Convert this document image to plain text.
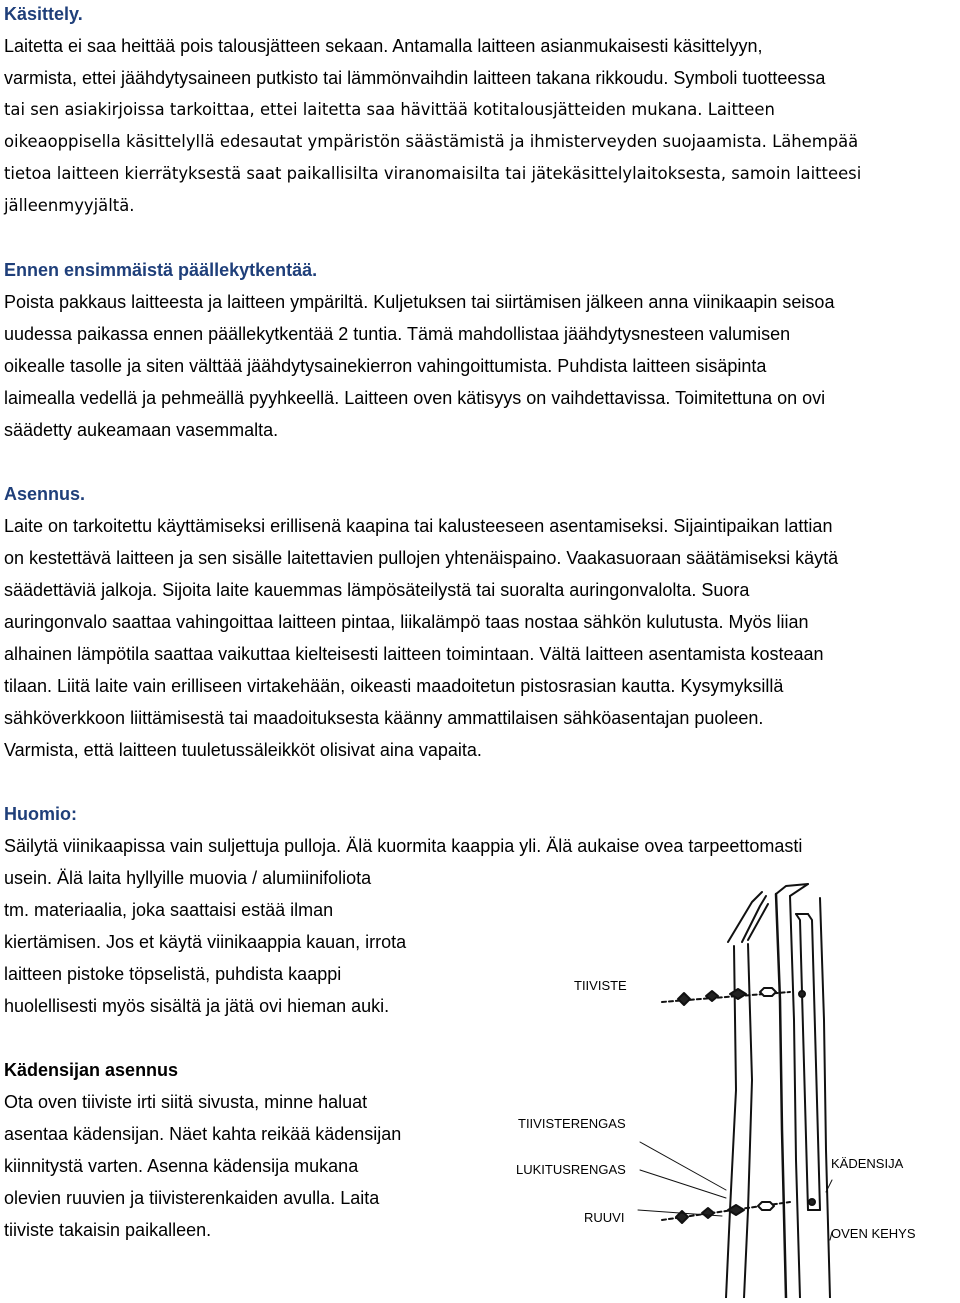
Käsittely.
Laitetta ei saa heittää pois talousjätteen sekaan. Antamalla laitteen asianmukaisesti käsittelyyn,
varmista, ettei jäähdytysaineen putkisto tai lämmönvaihdin laitteen takana rikkoudu. Symboli tuotteessa
tai sen asiakirjoissa tarkoittaa, ettei laitetta saa hävittää kotitalousjätteiden mukana. Laitteen
oikeaoppisella käsittelyllä edesautat ympäristön säästämistä ja ihmisterveyden suojaamista. Lähempää
tietoa laitteen kierrätyksestä saat paikallisilta viranomaisilta tai jätekäsittelylaitoksesta, samoin laitteesi
jälleenmyyjältä.
Ennen ensimmäistä päällekytkentää.
Poista pakkaus laitteesta ja laitteen ympäriltä. Kuljetuksen tai siirtämisen jälkeen anna viinikaapin seisoa
uudessa paikassa ennen päällekytkentää 2 tuntia. Tämä mahdollistaa jäähdytysnesteen valumisen
oikealle tasolle ja siten välttää jäähdytysainekierron vahingoittumista. Puhdista laitteen sisäpinta
laimealla vedellä ja pehmeällä pyyhkeellä. Laitteen oven kätisyys on vaihdettavissa. Toimitettuna on ovi
säädetty aukeamaan vasemmalta.
Asennus.
Laite on tarkoitettu käyttämiseksi erillisenä kaapina tai kalusteeseen asentamiseksi. Sijaintipaikan lattian
on kestettävä laitteen ja sen sisälle laitettavien pullojen yhtenäispaino. Vaakasuoraan säätämiseksi käytä
säädettäviä jalkoja. Sijoita laite kauemmas lämpösäteilystä tai suoralta auringonvalolta. Suora
auringonvalo saattaa vahingoittaa laitteen pintaa, liikalämpö taas nostaa sähkön kulutusta. Myös liian
alhainen lämpötila saattaa vaikuttaa kielteisesti laitteen toimintaan. Vältä laitteen asentamista kosteaan
tilaan. Liitä laite vain erilliseen virtakehään, oikeasti maadoitetun pistosrasian kautta. Kysymyksillä
sähköverkkoon liittämisestä tai maadoituksesta käänny ammattilaisen sähköasentajan puoleen.
Varmista, että laitteen tuuletussäleikköt olisivat aina vapaita.
Huomio:
Säilytä viinikaapissa vain suljettuja pulloja. Älä kuormita kaappia yli. Älä aukaise ovea tarpeettomasti
usein. Älä laita hyllyille muovia / alumiinifoliota
tm. materiaalia, joka saattaisi estää ilman
kiertämisen. Jos et käytä viinikaappia kauan, irrota
laitteen pistoke töpselistä, puhdista kaappi
huolellisesti myös sisältä ja jätä ovi hieman auki.
Kädensijan asennus
Ota oven tiiviste irti siitä sivusta, minne haluat
asentaa kädensijan. Näet kahta reikää kädensijan
kiinnitystä varten. Asenna kädensija mukana
olevien ruuvien ja tiivisterenkaiden avulla. Laita
tiiviste takaisin paikalleen.
TIIVISTE
TIIVISTERENGAS
LUKITUSRENGAS
RUUVI
KÄDENSIJA
OVEN KEHYS
